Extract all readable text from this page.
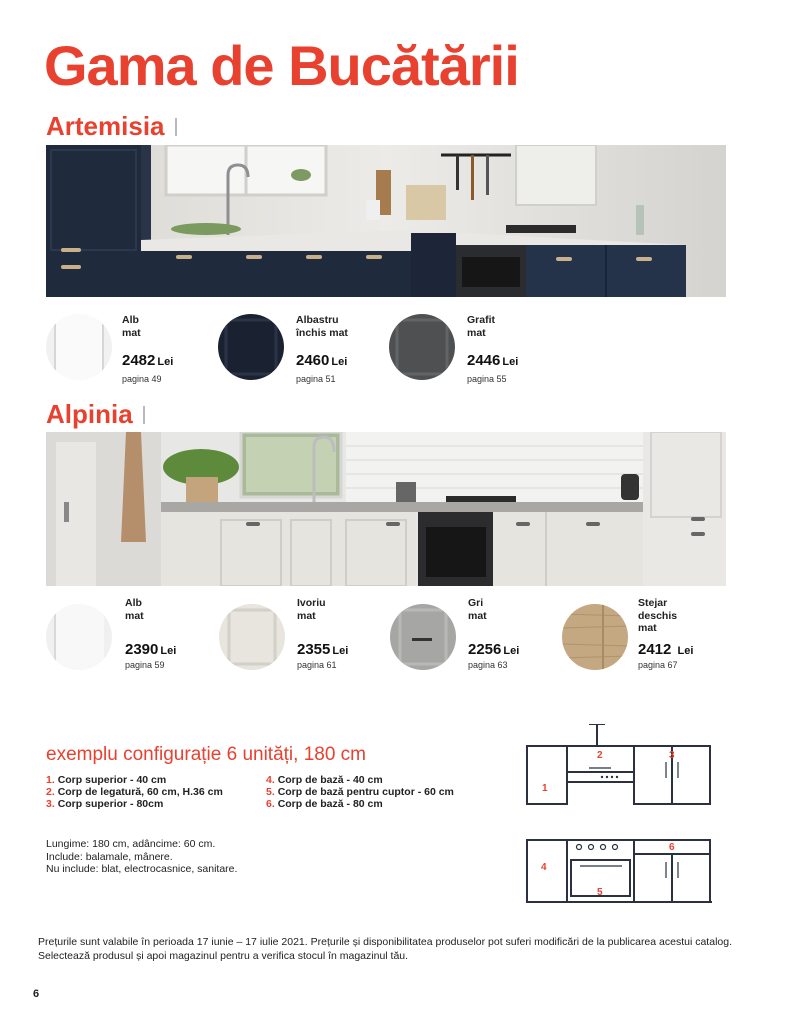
Gama de Bucătării
Artemisia
Alb
mat
2482 Lei
pagina 49
Albastru
închis mat
2460 Lei
pagina 51
Grafit
mat
2446 Lei
pagina 55
Alpinia
Alb
mat
2390 Lei
pagina 59
Ivoriu
mat
2355 Lei
pagina 61
Gri
mat
2256 Lei
pagina 63
Stejar
deschis
mat
2412 Lei
pagina 67
exemplu configurație 6 unități, 180 cm
1. Corp superior - 40 cm
2. Corp de legatură, 60 cm, H.36 cm
3. Corp superior - 80cm
4. Corp de bază - 40 cm
5. Corp de bază pentru cuptor - 60 cm
6. Corp de bază - 80 cm
Lungime: 180 cm, adâncime: 60 cm.
Include: balamale, mânere.
Nu include: blat, electrocasnice, sanitare.
1
2	3
4
5
6
Prețurile sunt valabile în perioada 17 iunie – 17 iulie 2021. Prețurile și disponibilitatea produselor pot suferi modificări de la publicarea acestui catalog. Selectează produsul și apoi magazinul pentru a verifica stocul în magazinul tău.
6
